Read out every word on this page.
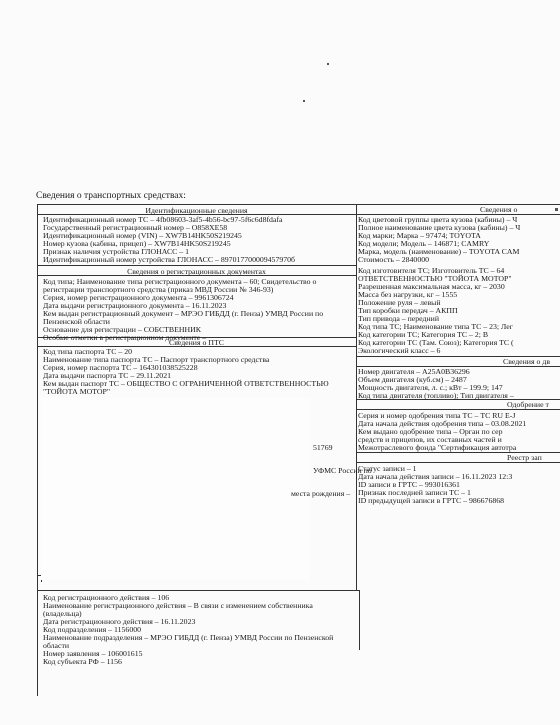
Сведения о транспортных средствах:
Идентификационные сведения
Идентификационный номер ТС – 4fb08603-3af5-4b56-bc97-5f6c6d8fdafa
Государственный регистрационный номер – О858ХЕ58
Идентификационный номер (VIN) – XW7B14HK50S219245
Номер кузова (кабина, прицеп) – XW7B14HK50S219245
Признак наличия устройства ГЛОНАСС – 1
Идентификационный номер устройства ГЛОНАСС – 897017700009457970б
Сведения о регистрационных документах
Код типа; Наименование типа регистрационного документа – 60; Свидетельство о
регистрации транспортного средства (приказ МВД России № 346-93)
Серия, номер регистрационного документа – 9961306724
Дата выдачи регистрационного документа – 16.11.2023
Кем выдан регистрационный документ – МРЭО ГИБДД (г. Пенза) УМВД России по
Пензенской области
Основание для регистрации – СОБСТВЕННИК
Особые отметки в регистрационном документе –
Сведения о ПТС
Код типа паспорта ТС – 20
Наименование типа паспорта ТС – Паспорт транспортного средства
Серия, номер паспорта ТС – 164301038525228
Дата выдачи паспорта ТС – 29.11.2021
Кем выдан паспорт ТС – ОБЩЕСТВО С ОГРАНИЧЕННОЙ ОТВЕТСТВЕННОСТЬЮ
"ТОЙОТА МОТОР"
51769
УФМС России по
места рождения –
Код регистрационного действия – 106
Наименование регистрационного действия – В связи с изменением собственника
(владельца)
Дата регистрационного действия – 16.11.2023
Код подразделения – 1156000
Наименование подразделения – МРЭО ГИБДД (г. Пенза) УМВД России по Пензенской
области
Номер заявления – 106001615
Код субъекта РФ – 1156
Сведения о
Код цветовой группы цвета кузова (кабины) – Ч
Полное наименование цвета кузова (кабины) – Ч
Код марки; Марка – 97474; TOYOTA
Код модели; Модель – 146871; CAMRY
Марка, модель (наименование) – TOYOTA CAM
Стоимость – 2840000
Код изготовителя ТС; Изготовитель ТС – 64
ОТВЕТСТВЕННОСТЬЮ "ТОЙОТА МОТОР"
Разрешенная максимальная масса, кг – 2030
Масса без нагрузки, кг – 1555
Положение руля – левый
Тип коробки передач – АКПП
Тип привода – передний
Код типа ТС; Наименование типа ТС – 23; Лег
Код категории ТС; Категория ТС – 2; B
Код категории ТС (Там. Союз); Категория ТС (
Экологический класс – 6
Сведения о дв
Номер двигателя – A25A0B36296
Объем двигателя (куб.см) – 2487
Мощность двигателя, л. с.; кВт – 199.9; 147
Код типа двигателя (топливо); Тип двигателя –
Одобрение т
Серия и номер одобрения типа ТС – ТС RU E-J
Дата начала действия одобрения типа – 03.08.2021
Кем выдано одобрение типа – Орган по сер
средств и прицепов, их составных частей и
Межотраслевого фонда "Сертификация автотра
Реестр зап
Статус записи – 1
Дата начала действия записи – 16.11.2023 12:3
ID записи в ГРТС – 993016361
Признак последней записи ТС – 1
ID предыдущей записи в ГРТС – 986676868
